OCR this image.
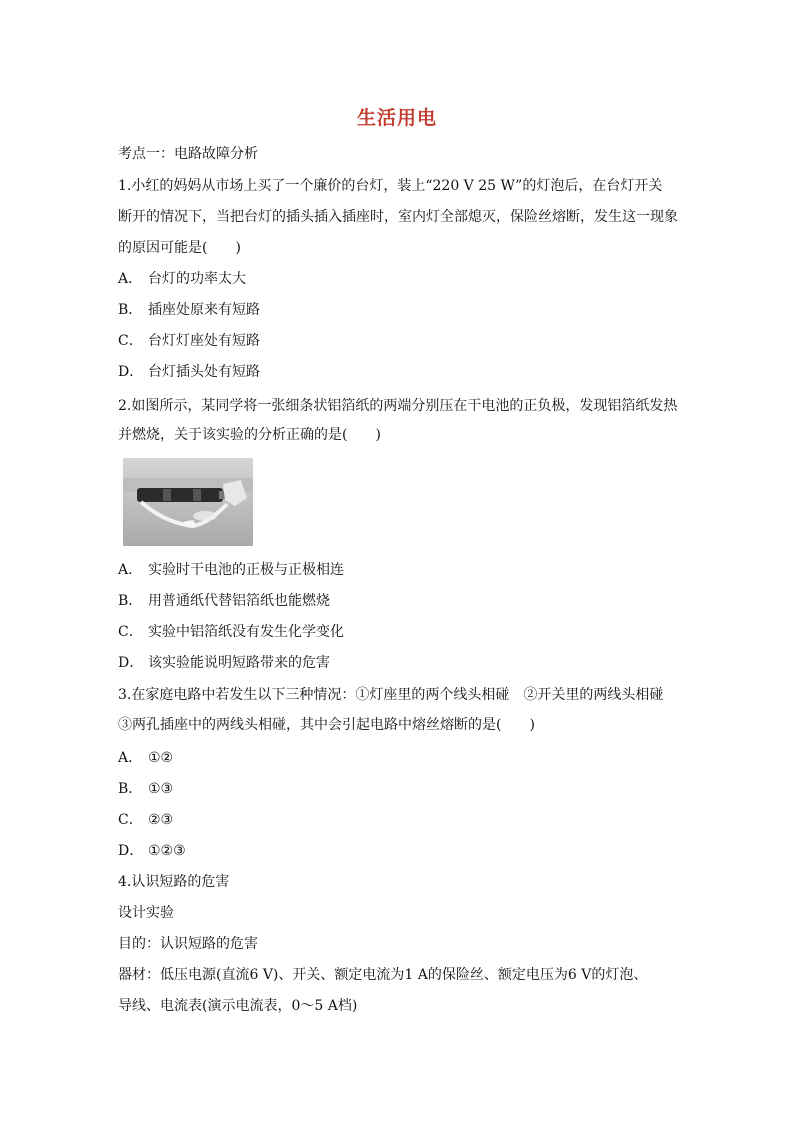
生活用电
考点一：电路故障分析
1.小红的妈妈从市场上买了一个廉价的台灯，装上“220 V 25 W”的灯泡后，在台灯开关
断开的情况下，当把台灯的插头插入插座时，室内灯全部熄灭，保险丝熔断，发生这一现象
的原因可能是(　　)
A． 台灯的功率太大
B． 插座处原来有短路
C． 台灯灯座处有短路
D． 台灯插头处有短路
2.如图所示，某同学将一张细条状铝箔纸的两端分别压在干电池的正负极，发现铝箔纸发热
并燃烧，关于该实验的分析正确的是(　　)
A． 实验时干电池的正极与正极相连
B． 用普通纸代替铝箔纸也能燃烧
C． 实验中铝箔纸没有发生化学变化
D． 该实验能说明短路带来的危害
3.在家庭电路中若发生以下三种情况：①灯座里的两个线头相碰　②开关里的两线头相碰
③两孔插座中的两线头相碰，其中会引起电路中熔丝熔断的是(　　)
A． ①②
B． ①③
C． ②③
D． ①②③
4.认识短路的危害
设计实验
目的：认识短路的危害
器材：低压电源(直流6 V)、开关、额定电流为1 A的保险丝、额定电压为6 V的灯泡、
导线、电流表(演示电流表，0～5 A档)
